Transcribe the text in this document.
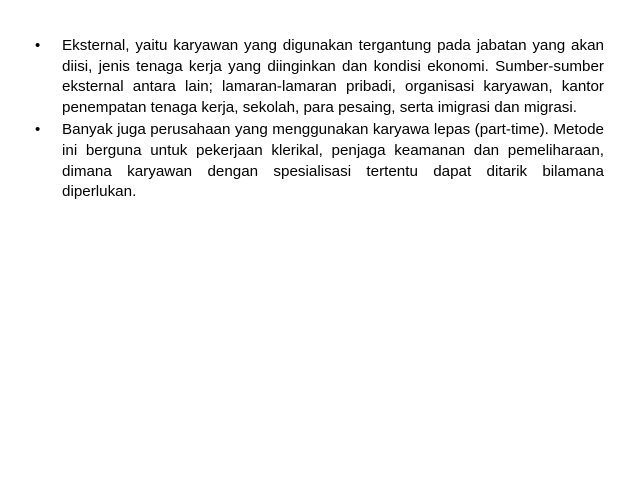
• Eksternal, yaitu karyawan yang digunakan tergantung pada jabatan yang akan diisi, jenis tenaga kerja yang diinginkan dan kondisi ekonomi. Sumber-sumber eksternal antara lain; lamaran-lamaran pribadi, organisasi karyawan, kantor penempatan tenaga kerja, sekolah, para pesaing, serta imigrasi dan migrasi.
• Banyak juga perusahaan yang menggunakan karyawa lepas (part-time). Metode ini berguna untuk pekerjaan klerikal, penjaga keamanan dan pemeliharaan, dimana karyawan dengan spesialisasi tertentu dapat ditarik bilamana diperlukan.
